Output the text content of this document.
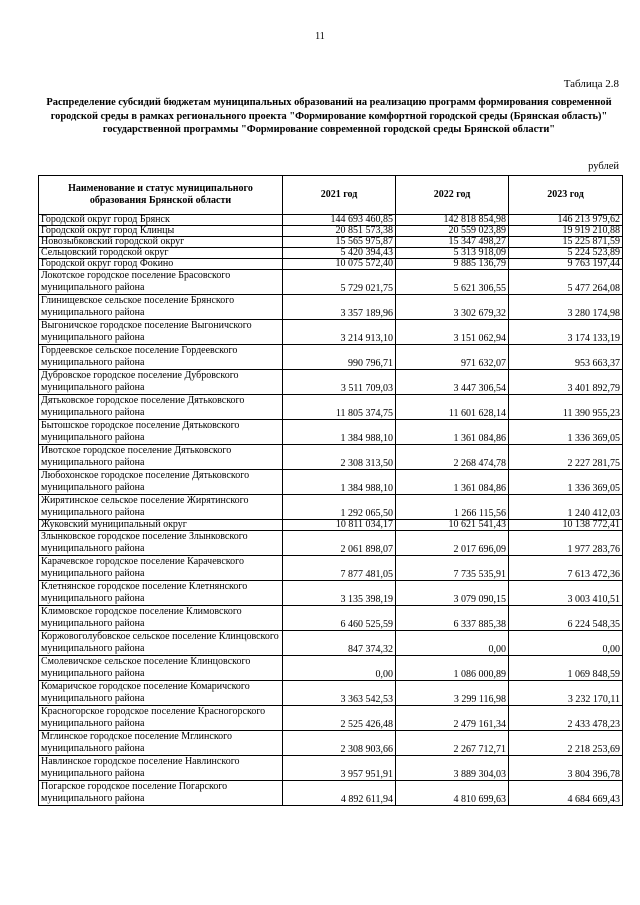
11
Таблица 2.8
Распределение субсидий бюджетам муниципальных образований на реализацию программ формирования современной городской среды в рамках регионального проекта "Формирование комфортной городской среды (Брянская область)" государственной программы "Формирование современной городской среды Брянской области"
рублей
Наименование и статус муниципального образования Брянской области	2021 год	2022 год	2023 год
Городской округ город Брянск	144 693 460,85	142 818 854,98	146 213 979,62
Городской округ город Клинцы	20 851 573,38	20 559 023,89	19 919 210,88
Новозыбковский городской округ	15 565 975,87	15 347 498,27	15 225 871,59
Сельцовский городской округ	5 420 394,43	5 313 918,09	5 224 523,89
Городской округ город Фокино	10 075 572,40	9 885 136,79	9 763 197,44
Локотское городское поселение Брасовского муниципального района	5 729 021,75	5 621 306,55	5 477 264,08
Глинищевское сельское поселение Брянского муниципального района	3 357 189,96	3 302 679,32	3 280 174,98
Выгоничское городское поселение Выгоничского муниципального района	3 214 913,10	3 151 062,94	3 174 133,19
Гордеевское сельское поселение Гордеевского муниципального района	990 796,71	971 632,07	953 663,37
Дубровское городское поселение Дубровского муниципального района	3 511 709,03	3 447 306,54	3 401 892,79
Дятьковское городское поселение Дятьковского муниципального района	11 805 374,75	11 601 628,14	11 390 955,23
Бытошское городское поселение Дятьковского муниципального района	1 384 988,10	1 361 084,86	1 336 369,05
Ивотское городское поселение Дятьковского муниципального района	2 308 313,50	2 268 474,78	2 227 281,75
Любохонское городское поселение Дятьковского муниципального района	1 384 988,10	1 361 084,86	1 336 369,05
Жирятинское сельское поселение Жирятинского муниципального района	1 292 065,50	1 266 115,56	1 240 412,03
Жуковский муниципальный округ	10 811 034,17	10 621 541,43	10 138 772,41
Злынковское городское поселение Злынковского муниципального района	2 061 898,07	2 017 696,09	1 977 283,76
Карачевское городское поселение Карачевского муниципального района	7 877 481,05	7 735 535,91	7 613 472,36
Клетнянское городское поселение Клетнянского муниципального района	3 135 398,19	3 079 090,15	3 003 410,51
Климовское городское поселение Климовского муниципального района	6 460 525,59	6 337 885,38	6 224 548,35
Коржовоголубовское сельское поселение Клинцовского муниципального района	847 374,32	0,00	0,00
Смолевичское сельское поселение Клинцовского муниципального района	0,00	1 086 000,89	1 069 848,59
Комаричское городское поселение Комаричского муниципального района	3 363 542,53	3 299 116,98	3 232 170,11
Красногорское городское поселение Красногорского муниципального района	2 525 426,48	2 479 161,34	2 433 478,23
Мглинское городское поселение Мглинского муниципального района	2 308 903,66	2 267 712,71	2 218 253,69
Навлинское городское поселение Навлинского муниципального района	3 957 951,91	3 889 304,03	3 804 396,78
Погарское городское поселение Погарского муниципального района	4 892 611,94	4 810 699,63	4 684 669,43
